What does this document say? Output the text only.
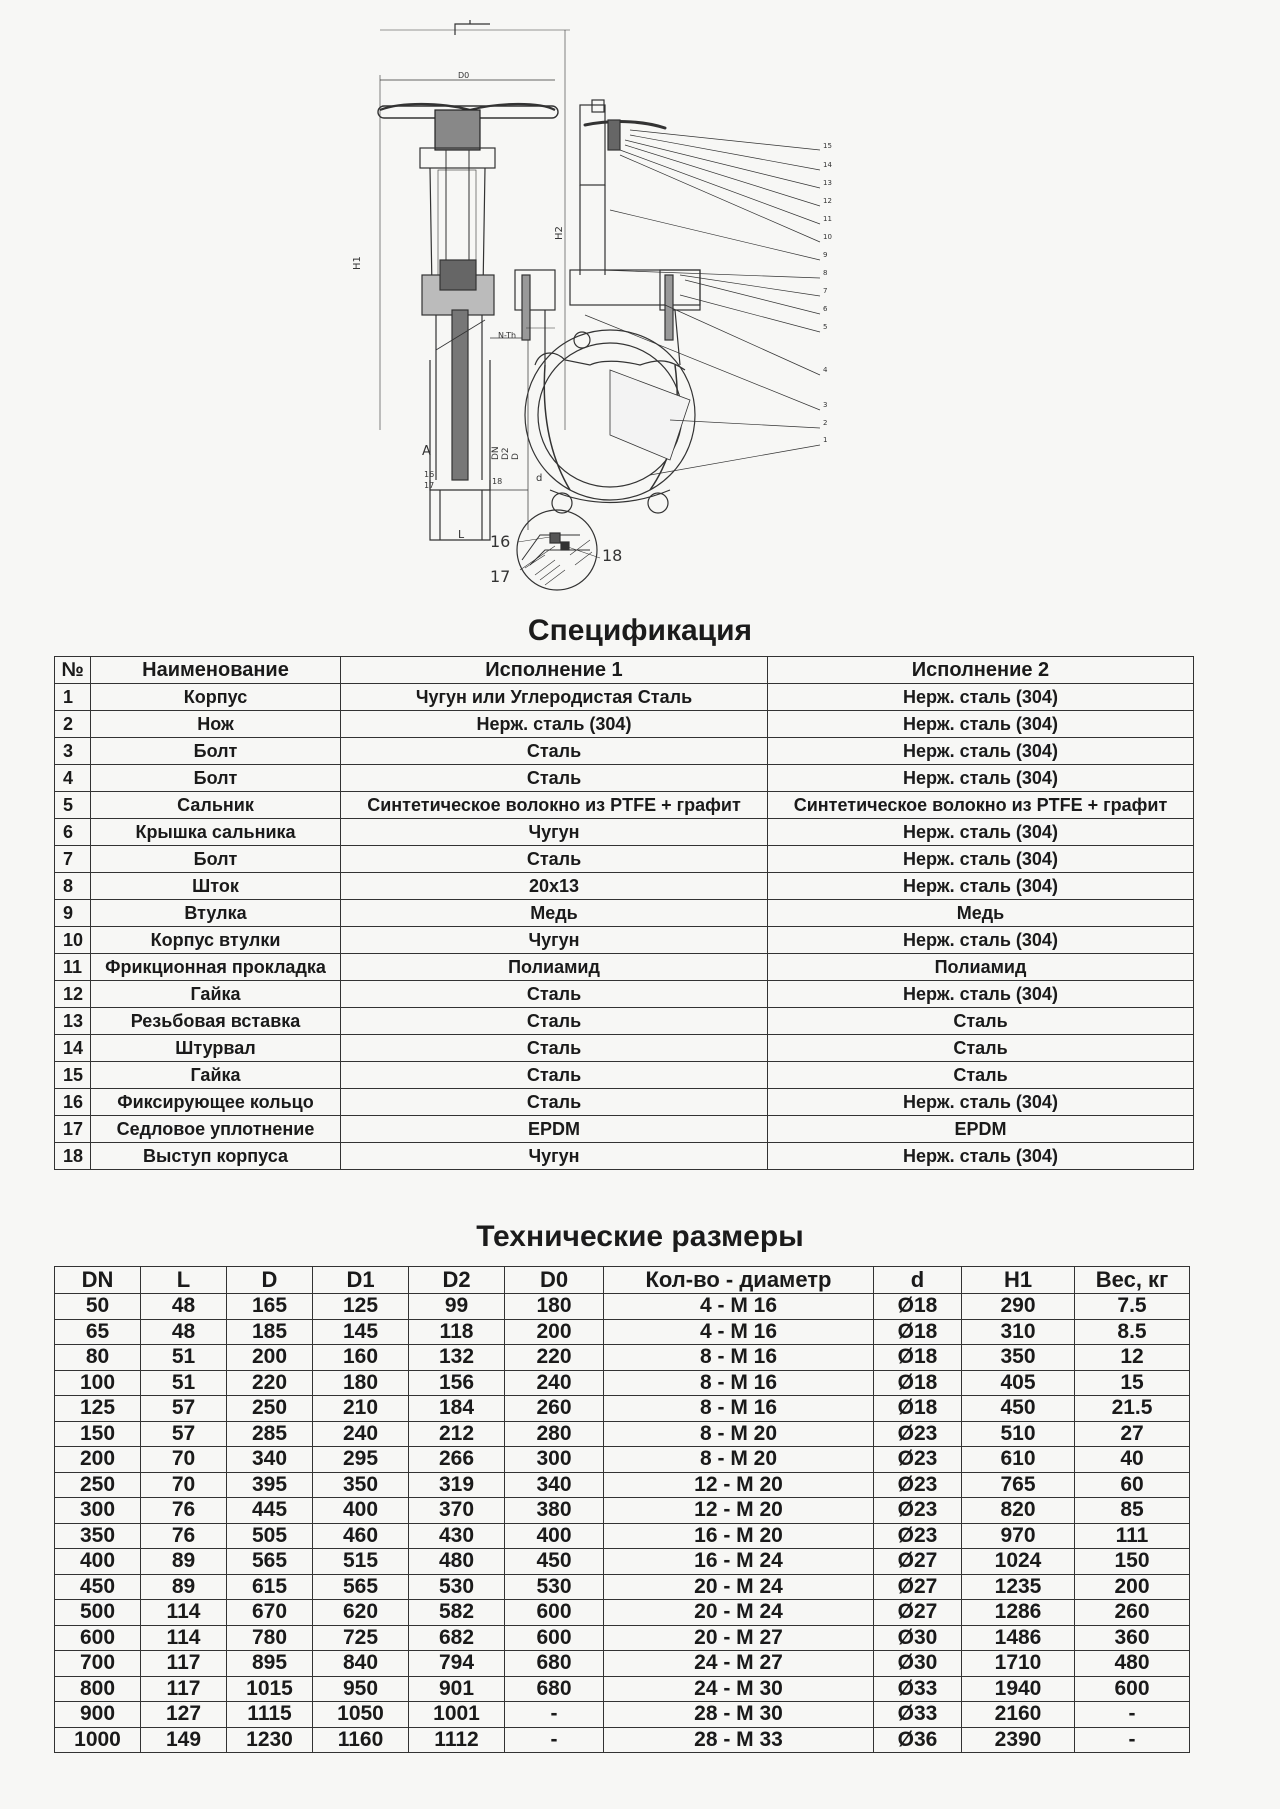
D0
H1
H2
DN D2 D
L
A
16
17	18
N-Th
d
15
14
13
12
11
10
9
8
7
6
5
4
3
2
1
16
17
18
Спецификация
№	Наименование	Исполнение 1	Исполнение 2
1	Корпус	Чугун или Углеродистая Сталь	Нерж. сталь (304)
2	Нож	Нерж. сталь (304)	Нерж. сталь (304)
3	Болт	Сталь	Нерж. сталь (304)
4	Болт	Сталь	Нерж. сталь (304)
5	Сальник	Синтетическое волокно из PTFE + графит	Синтетическое волокно из PTFE + графит
6	Крышка сальника	Чугун	Нерж. сталь (304)
7	Болт	Сталь	Нерж. сталь (304)
8	Шток	20х13	Нерж. сталь (304)
9	Втулка	Медь	Медь
10	Корпус втулки	Чугун	Нерж. сталь (304)
11	Фрикционная прокладка	Полиамид	Полиамид
12	Гайка	Сталь	Нерж. сталь (304)
13	Резьбовая вставка	Сталь	Сталь
14	Штурвал	Сталь	Сталь
15	Гайка	Сталь	Сталь
16	Фиксирующее кольцо	Сталь	Нерж. сталь (304)
17	Седловое уплотнение	EPDM	EPDM
18	Выступ корпуса	Чугун	Нерж. сталь (304)
Технические размеры
DN	L	D	D1	D2	D0	Кол-во - диаметр	d	H1	Вес, кг
50	48	165	125	99	180	4 - M 16	Ø18	290	7.5
65	48	185	145	118	200	4 - M 16	Ø18	310	8.5
80	51	200	160	132	220	8 - M 16	Ø18	350	12
100	51	220	180	156	240	8 - M 16	Ø18	405	15
125	57	250	210	184	260	8 - M 16	Ø18	450	21.5
150	57	285	240	212	280	8 - M 20	Ø23	510	27
200	70	340	295	266	300	8 - M 20	Ø23	610	40
250	70	395	350	319	340	12 - M 20	Ø23	765	60
300	76	445	400	370	380	12 - M 20	Ø23	820	85
350	76	505	460	430	400	16 - M 20	Ø23	970	111
400	89	565	515	480	450	16 - M 24	Ø27	1024	150
450	89	615	565	530	530	20 - M 24	Ø27	1235	200
500	114	670	620	582	600	20 - M 24	Ø27	1286	260
600	114	780	725	682	600	20 - M 27	Ø30	1486	360
700	117	895	840	794	680	24 - M 27	Ø30	1710	480
800	117	1015	950	901	680	24 - M 30	Ø33	1940	600
900	127	1115	1050	1001	-	28 - M 30	Ø33	2160	-
1000	149	1230	1160	1112	-	28 - M 33	Ø36	2390	-
